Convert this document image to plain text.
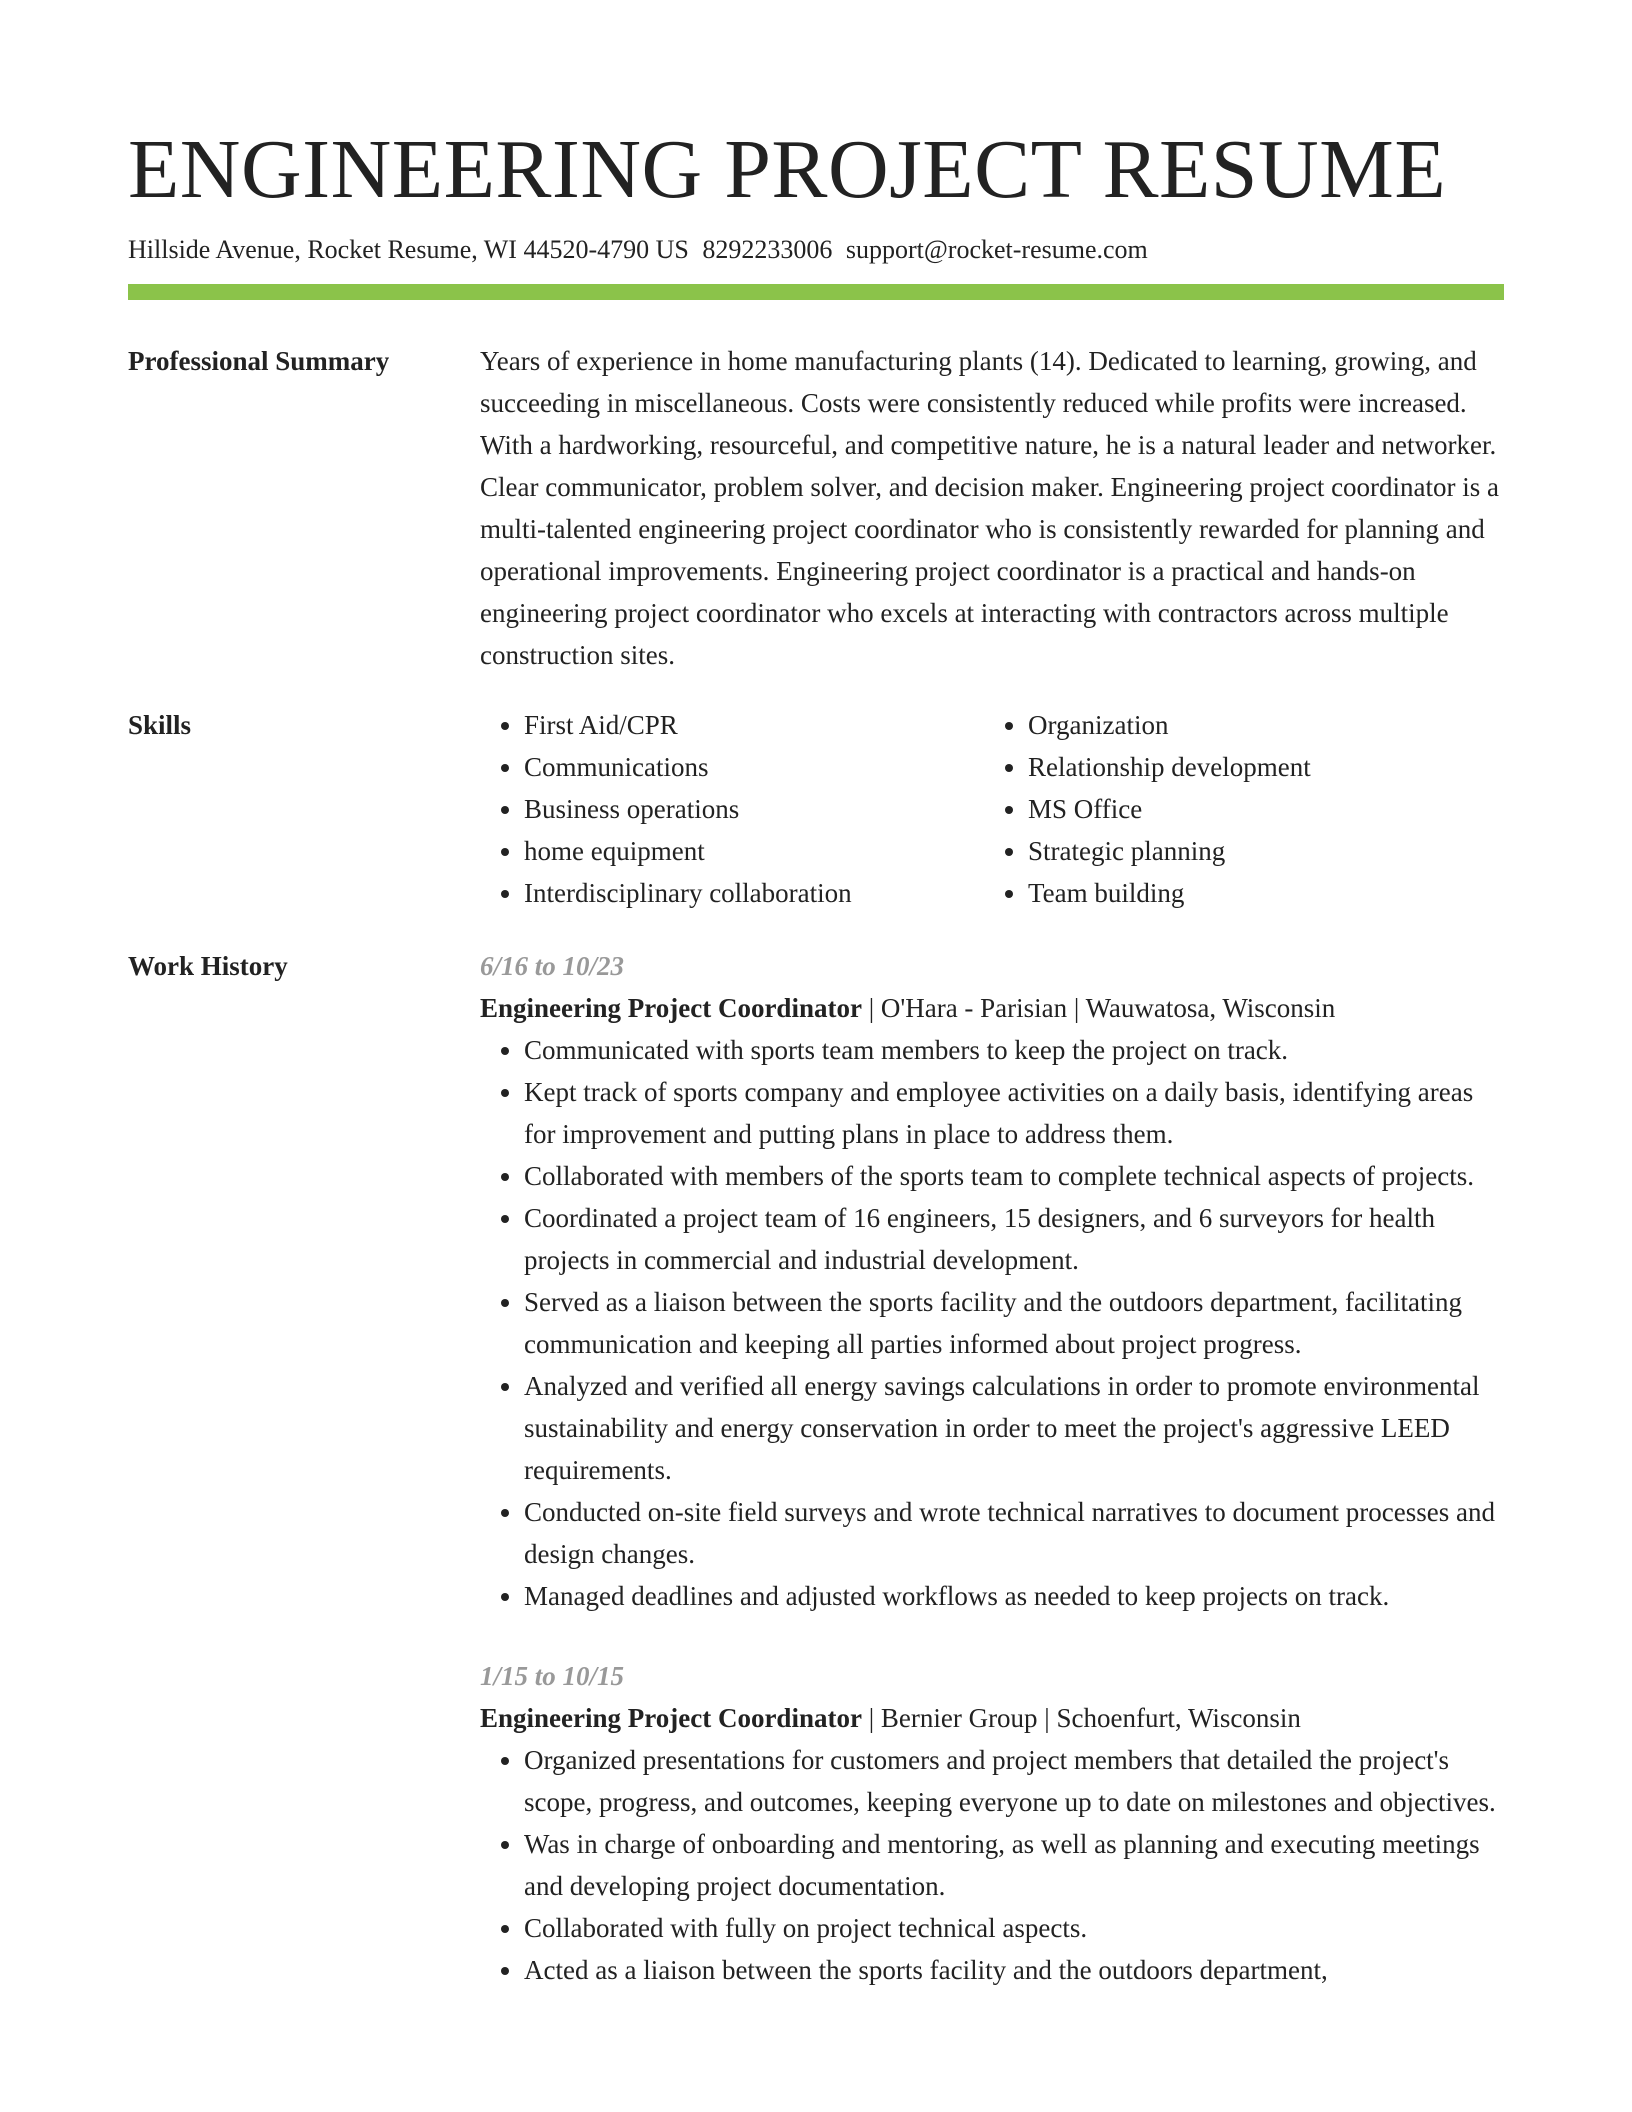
ENGINEERING PROJECT RESUME
Hillside Avenue, Rocket Resume, WI 44520-4790 US 8292233006 support@rocket-resume.com
Professional Summary	Years of experience in home manufacturing plants (14). Dedicated to learning, growing, and succeeding in miscellaneous. Costs were consistently reduced while profits were increased. With a hardworking, resourceful, and competitive nature, he is a natural leader and networker. Clear communicator, problem solver, and decision maker. Engineering project coordinator is a multi-talented engineering project coordinator who is consistently rewarded for planning and operational improvements. Engineering project coordinator is a practical and hands-on engineering project coordinator who excels at interacting with contractors across multiple construction sites.

Skills
•	First Aid/CPR
• Communications
• Business operations
• home equipment
• Interdisciplinary collaboration
• Organization
• Relationship development
• MS Office
• Strategic planning
• Team building
Work History	6/16 to 10/23
Engineering Project Coordinator | O'Hara - Parisian | Wauwatosa, Wisconsin
• Communicated with sports team members to keep the project on track.
• Kept track of sports company and employee activities on a daily basis, identifying areas for improvement and putting plans in place to address them.
• Collaborated with members of the sports team to complete technical aspects of projects.
• Coordinated a project team of 16 engineers, 15 designers, and 6 surveyors for health projects in commercial and industrial development.
• Served as a liaison between the sports facility and the outdoors department, facilitating communication and keeping all parties informed about project progress.
• Analyzed and verified all energy savings calculations in order to promote environmental sustainability and energy conservation in order to meet the project's aggressive LEED requirements.
• Conducted on-site field surveys and wrote technical narratives to document processes and design changes.
• Managed deadlines and adjusted workflows as needed to keep projects on track.
1/15 to 10/15
Engineering Project Coordinator | Bernier Group | Schoenfurt, Wisconsin
• Organized presentations for customers and project members that detailed the project's scope, progress, and outcomes, keeping everyone up to date on milestones and objectives.
• Was in charge of onboarding and mentoring, as well as planning and executing meetings and developing project documentation.
• Collaborated with fully on project technical aspects.
• Acted as a liaison between the sports facility and the outdoors department,
